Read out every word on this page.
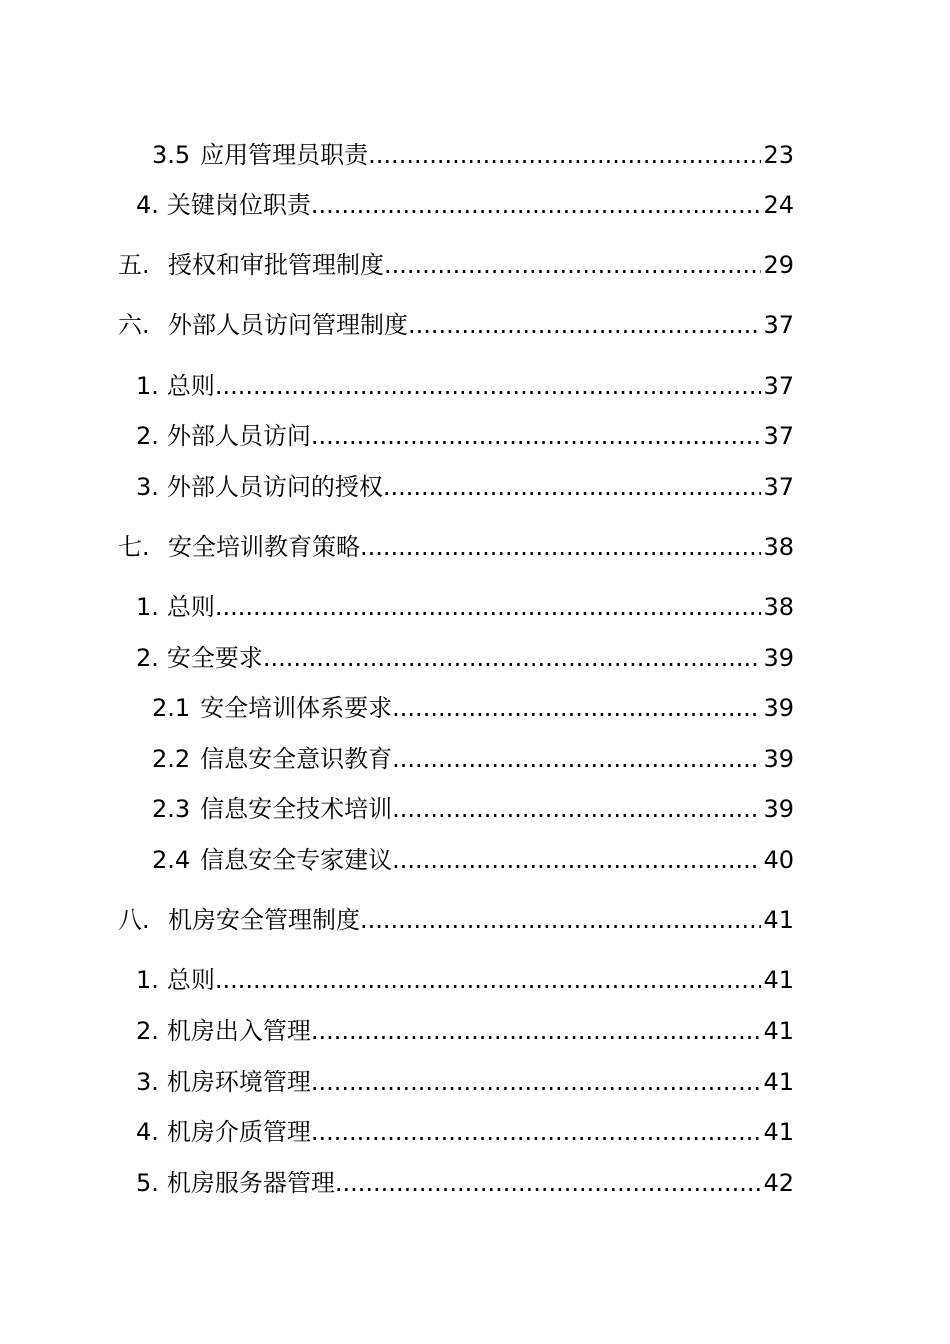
3.5 应用管理员职责 .....	23
4. 关键岗位职责 .....	24
五. 授权和审批管理制度 .....	29
六. 外部人员访问管理制度 .....	37
1. 总则 .....	37
2. 外部人员访问 .....	37
3. 外部人员访问的授权 .....	37
七. 安全培训教育策略 .....	38
1. 总则 .....	38
2. 安全要求 .....	39
2.1 安全培训体系要求 .....	39
2.2 信息安全意识教育 .....	39
2.3 信息安全技术培训 .....	39
2.4 信息安全专家建议 .....	40
八. 机房安全管理制度 .....	41
1. 总则 .....	41
2. 机房出入管理 .....	41
3. 机房环境管理 .....	41
4. 机房介质管理 .....	41
5. 机房服务器管理 .....	42
